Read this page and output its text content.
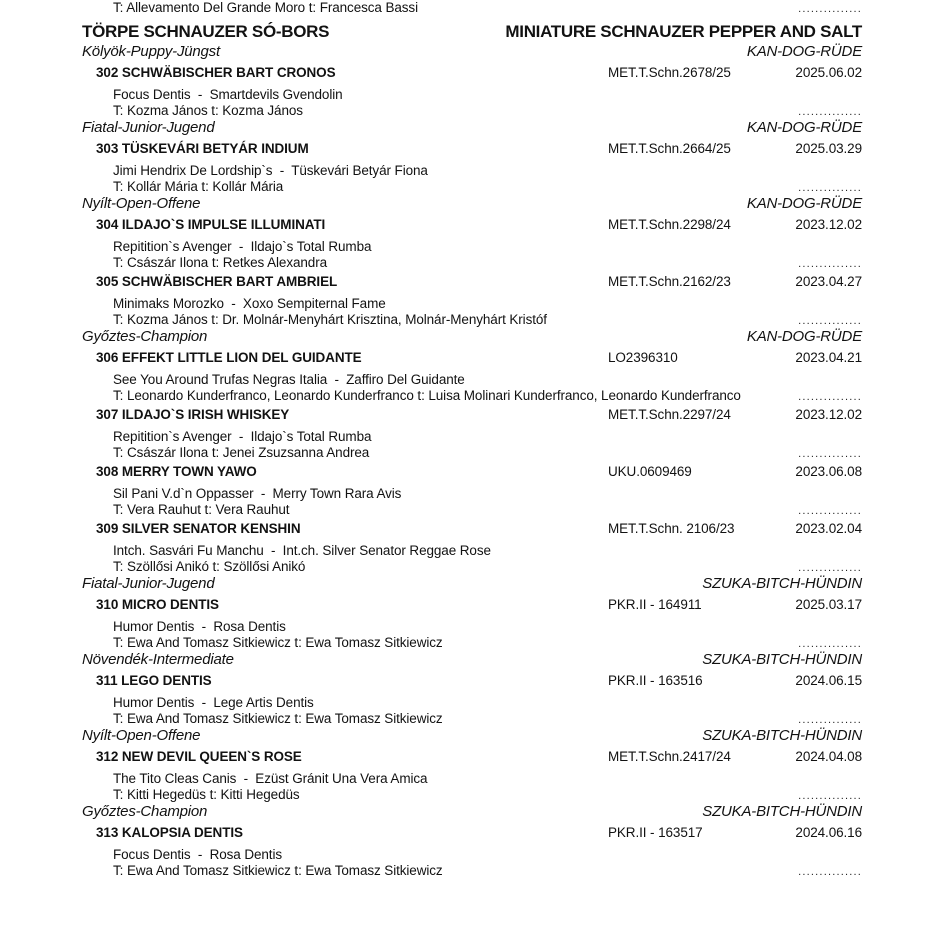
T: Allevamento Del Grande Moro t: Francesca Bassi	...............
TÖRPE SCHNAUZER SÓ-BORS	MINIATURE SCHNAUZER PEPPER AND SALT
Kölyök-Puppy-Jüngst	KAN-DOG-RÜDE
302 SCHWÄBISCHER BART CRONOS	MET.T.Schn.2678/25	2025.06.02
Focus Dentis  -  Smartdevils Gvendolin
T: Kozma János t: Kozma János	...............
Fiatal-Junior-Jugend	KAN-DOG-RÜDE
303 TÜSKEVÁRI BETYÁR INDIUM	MET.T.Schn.2664/25	2025.03.29
Jimi Hendrix De Lordship`s  -  Tüskevári Betyár Fiona
T: Kollár Mária t: Kollár Mária	...............
Nyílt-Open-Offene	KAN-DOG-RÜDE
304 ILDAJO`S IMPULSE ILLUMINATI	MET.T.Schn.2298/24	2023.12.02
Repitition`s Avenger  -  Ildajo`s Total Rumba
T: Császár Ilona t: Retkes Alexandra	...............
305 SCHWÄBISCHER BART AMBRIEL	MET.T.Schn.2162/23	2023.04.27
Minimaks Morozko  -  Xoxo Sempiternal Fame
T: Kozma János t: Dr. Molnár-Menyhárt Krisztina, Molnár-Menyhárt Kristóf	...............
Győztes-Champion	KAN-DOG-RÜDE
306 EFFEKT LITTLE LION DEL GUIDANTE	LO2396310	2023.04.21
See You Around Trufas Negras Italia  -  Zaffiro Del Guidante
T: Leonardo Kunderfranco, Leonardo Kunderfranco t: Luisa Molinari Kunderfranco, Leonardo Kunderfranco	...............
307 ILDAJO`S IRISH WHISKEY	MET.T.Schn.2297/24	2023.12.02
Repitition`s Avenger  -  Ildajo`s Total Rumba
T: Császár Ilona t: Jenei Zsuzsanna Andrea	...............
308 MERRY TOWN YAWO	UKU.0609469	2023.06.08
Sil Pani V.d`n Oppasser  -  Merry Town Rara Avis
T: Vera Rauhut t: Vera Rauhut	...............
309 SILVER SENATOR KENSHIN	MET.T.Schn. 2106/23	2023.02.04
Intch. Sasvári Fu Manchu  -  Int.ch. Silver Senator Reggae Rose
T: Szöllősi Anikó t: Szöllősi Anikó	...............
Fiatal-Junior-Jugend	SZUKA-BITCH-HÜNDIN
310 MICRO DENTIS	PKR.II - 164911	2025.03.17
Humor Dentis  -  Rosa Dentis
T: Ewa And Tomasz Sitkiewicz t: Ewa Tomasz Sitkiewicz	...............
Növendék-Intermediate	SZUKA-BITCH-HÜNDIN
311 LEGO DENTIS	PKR.II - 163516	2024.06.15
Humor Dentis  -  Lege Artis Dentis
T: Ewa And Tomasz Sitkiewicz t: Ewa Tomasz Sitkiewicz	...............
Nyílt-Open-Offene	SZUKA-BITCH-HÜNDIN
312 NEW DEVIL QUEEN`S ROSE	MET.T.Schn.2417/24	2024.04.08
The Tito Cleas Canis  -  Ezüst Gránit Una Vera Amica
T: Kitti Hegedüs t: Kitti Hegedüs	...............
Győztes-Champion	SZUKA-BITCH-HÜNDIN
313 KALOPSIA DENTIS	PKR.II - 163517	2024.06.16
Focus Dentis  -  Rosa Dentis
T: Ewa And Tomasz Sitkiewicz t: Ewa Tomasz Sitkiewicz	...............
